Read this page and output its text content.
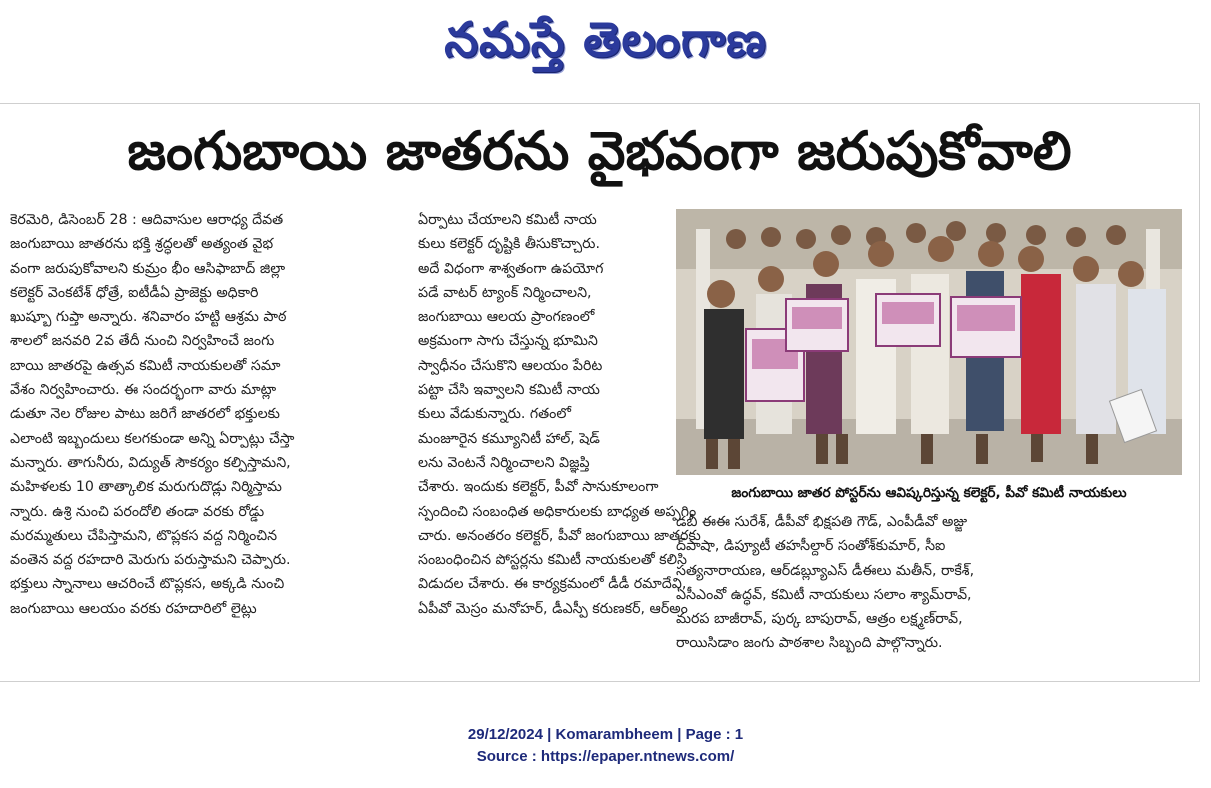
నమస్తే తెలంగాణ
జంగుబాయి జాతరను వైభవంగా జరుపుకోవాలి

కెరమెరి, డిసెంబర్ 28 : ఆదివాసుల ఆరాధ్య దేవత

జంగుబాయి జాతరను భక్తి శ్రద్ధలతో అత్యంత వైభ

వంగా జరుపుకోవాలని కుమ్రం భీం ఆసిఫాబాద్ జిల్లా

కలెక్టర్ వెంకటేశ్ ధోత్రే, ఐటీడీఏ ప్రాజెక్టు అధికారి

ఖుష్బూ గుప్తా అన్నారు. శనివారం హట్టి ఆశ్రమ పాఠ

శాలలో జనవరి 2వ తేదీ నుంచి నిర్వహించే జంగు

బాయి జాతరపై ఉత్సవ కమిటీ నాయకులతో సమా

వేశం నిర్వహించారు. ఈ సందర్భంగా వారు మాట్లా

డుతూ నెల రోజుల పాటు జరిగే జాతరలో భక్తులకు

ఎలాంటి ఇబ్బందులు కలగకుండా అన్ని ఏర్పాట్లు చేస్తా

మన్నారు. తాగునీరు, విద్యుత్ సౌకర్యం కల్పిస్తామని,

మహిళలకు 10 తాత్కాలిక మరుగుదొడ్లు నిర్మిస్తామ

న్నారు. ఉశ్రి నుంచి పరందోలి తండా వరకు రోడ్డు

మరమ్మతులు చేపిస్తామని, టొప్లకస వద్ద నిర్మించిన

వంతెన వద్ద రహదారి మెరుగు పరుస్తామని చెప్పారు.

భక్తులు స్నానాలు ఆచరించే టొప్లకస, అక్కడి నుంచి

జంగుబాయి ఆలయం వరకు రహదారిలో లైట్లు

ఏర్పాటు చేయాలని కమిటీ నాయ

కులు కలెక్టర్ దృష్టికి తీసుకొచ్చారు.

అదే విధంగా శాశ్వతంగా ఉపయోగ

పడే వాటర్ ట్యాంక్ నిర్మించాలని,

జంగుబాయి ఆలయ ప్రాంగణంలో

అక్రమంగా సాగు చేస్తున్న భూమిని

స్వాధీనం చేసుకొని ఆలయం పేరిట

పట్టా చేసి ఇవ్వాలని కమిటీ నాయ

కులు వేడుకున్నారు. గతంలో

మంజూరైన కమ్యూనిటీ హాల్, షెడ్

లను వెంటనే నిర్మించాలని విజ్ఞప్తి

చేశారు. ఇందుకు కలెక్టర్, పీవో సానుకూలంగా

స్పందించి సంబంధిత అధికారులకు బాధ్యత అప్పగిం

చారు. అనంతరం కలెక్టర్, పీవో జంగుబాయి జాతరకు

సంబంధించిన పోస్టర్లను కమిటీ నాయకులతో కలిసి

విడుదల చేశారు. ఈ కార్యక్రమంలో డీడీ రమాదేవి,

ఏపీవో మెస్రం మనోహర్, డీఎస్పీ కరుణకర్, ఆర్అం

జంగుబాయి జాతర పోస్టర్‌ను ఆవిష్కరిస్తున్న కలెక్టర్, పీవో కమిటీ నాయకులు

డబీ ఈఈ సురేశ్, డీపీవో భిక్షపతి గౌడ్, ఎంపీడీవో అజ్జు

ద్‌పాషా, డిప్యూటీ తహసీల్దార్ సంతోశ్‌కుమార్, సీఐ

సత్యనారాయణ, ఆర్‌డబ్ల్యూఎస్ డీఈలు మతీన్, రాకేశ్,

ఏసీఎంవో ఉద్ధవ్, కమిటీ నాయకులు సలాం శ్యామ్‌రావ్,

మరప బాజీరావ్, పుర్క బాపురావ్, ఆత్రం లక్ష్మణ్‌రావ్,

రాయిసిడాం జంగు పాఠశాల సిబ్బంది పాల్గొన్నారు.

29/12/2024 | Komarambheem | Page : 1
Source : https://epaper.ntnews.com/
